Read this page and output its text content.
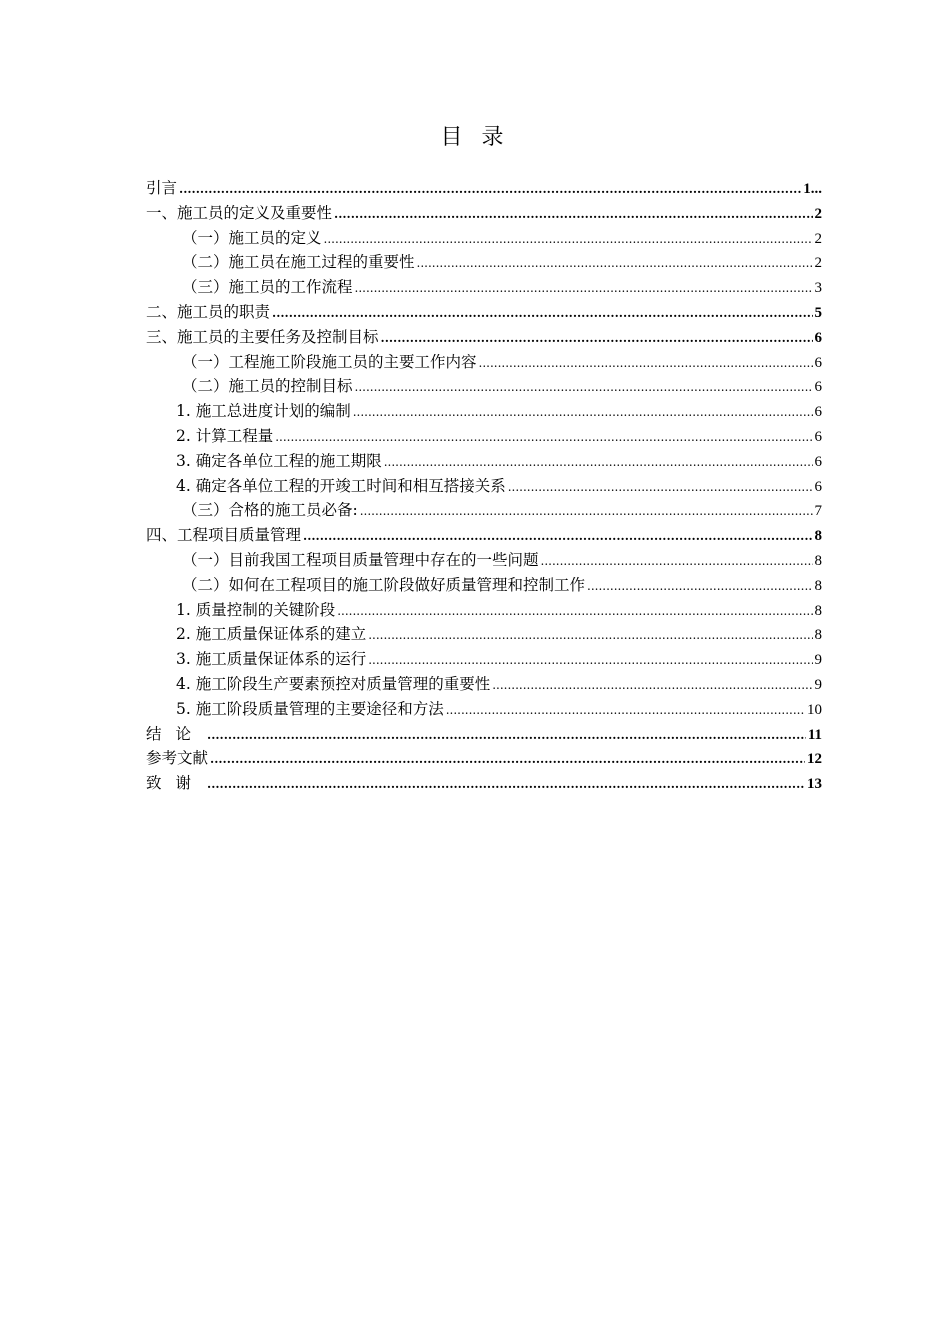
目 录
引言 .....	1...
一、施工员的定义及重要性 .....	2
（一）施工员的定义 .....	2
（二）施工员在施工过程的重要性 .....	2
（三）施工员的工作流程 .....	3
二、施工员的职责 .....	5
三、施工员的主要任务及控制目标 .....	6
（一）工程施工阶段施工员的主要工作内容 .....	6
（二）施工员的控制目标 .....	6
1. 施工总进度计划的编制 .....	6
2. 计算工程量 .....	6
3. 确定各单位工程的施工期限 .....	6
4. 确定各单位工程的开竣工时间和相互搭接关系 .....	6
（三）合格的施工员必备: .....	7
四、工程项目质量管理 .....	8
（一）目前我国工程项目质量管理中存在的一些问题 .....	8
（二）如何在工程项目的施工阶段做好质量管理和控制工作 .....	8
1. 质量控制的关键阶段 .....	8
2. 施工质量保证体系的建立 .....	8
3. 施工质量保证体系的运行 .....	9
4. 施工阶段生产要素预控对质量管理的重要性 .....	9
5. 施工阶段质量管理的主要途径和方法 .....	10
结论 .....	11
参考文献 .....	12
致谢 .....	13
